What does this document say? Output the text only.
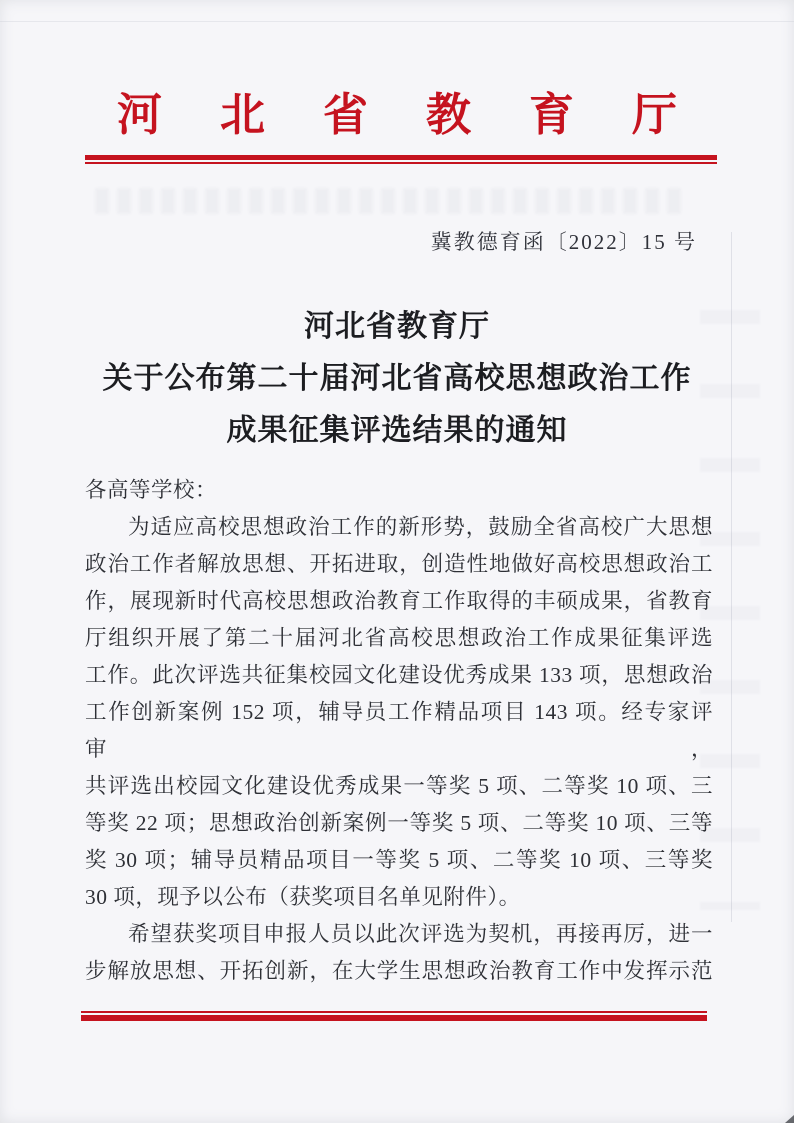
河北省教育厅
冀教德育函〔2022〕15 号
河北省教育厅
关于公布第二十届河北省高校思想政治工作
成果征集评选结果的通知
各高等学校：
为适应高校思想政治工作的新形势，鼓励全省高校广大思想
政治工作者解放思想、开拓进取，创造性地做好高校思想政治工
作，展现新时代高校思想政治教育工作取得的丰硕成果，省教育
厅组织开展了第二十届河北省高校思想政治工作成果征集评选
工作。此次评选共征集校园文化建设优秀成果 133 项，思想政治
工作创新案例 152 项，辅导员工作精品项目 143 项。经专家评审，
共评选出校园文化建设优秀成果一等奖 5 项、二等奖 10 项、三
等奖 22 项；思想政治创新案例一等奖 5 项、二等奖 10 项、三等
奖 30 项；辅导员精品项目一等奖 5 项、二等奖 10 项、三等奖
30 项，现予以公布（获奖项目名单见附件）。
希望获奖项目申报人员以此次评选为契机，再接再厉，进一
步解放思想、开拓创新，在大学生思想政治教育工作中发挥示范
